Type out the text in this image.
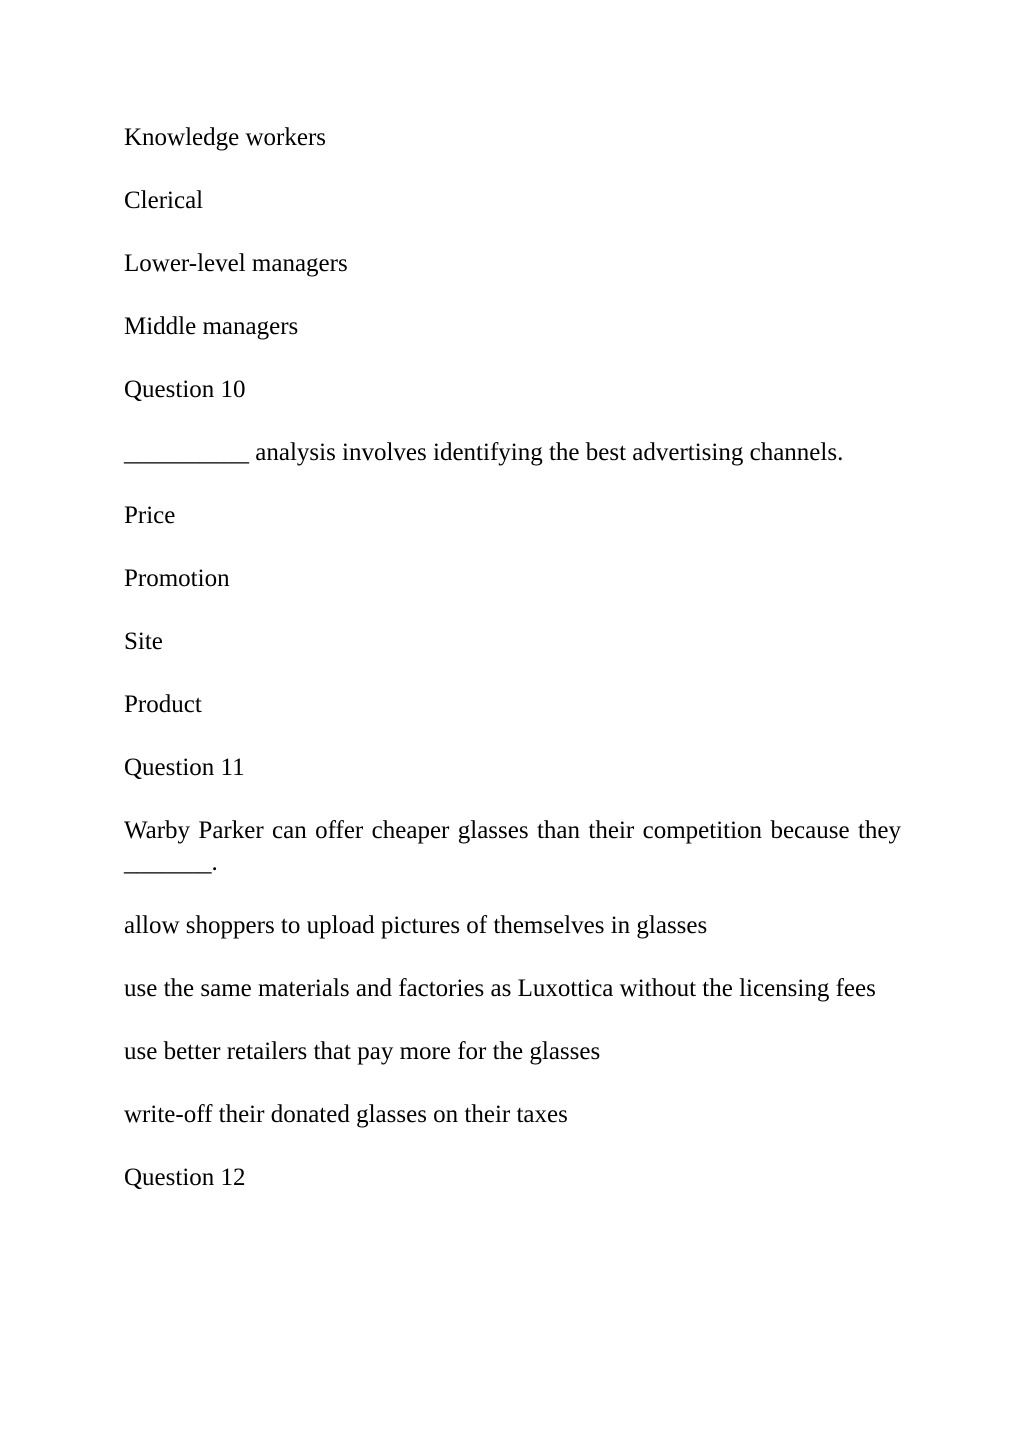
Knowledge workers

Clerical

Lower-level managers

Middle managers

Question 10

__________ analysis involves identifying the best advertising channels.

Price

Promotion

Site

Product

Question 11

Warby Parker can offer cheaper glasses than their competition because they _______.

allow shoppers to upload pictures of themselves in glasses

use the same materials and factories as Luxottica without the licensing fees

use better retailers that pay more for the glasses

write-off their donated glasses on their taxes

Question 12
